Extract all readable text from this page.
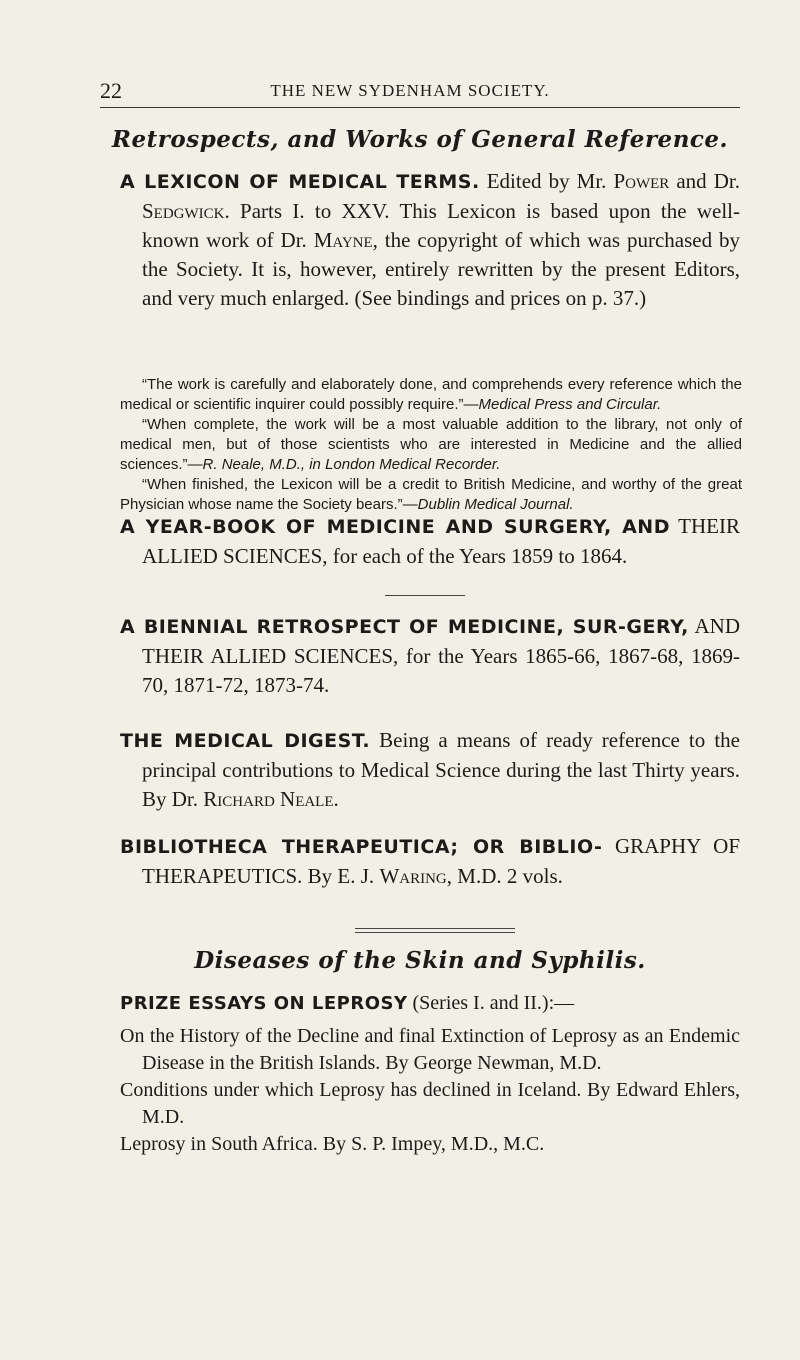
22	THE NEW SYDENHAM SOCIETY.
Retrospects, and Works of General Reference.

A LEXICON OF MEDICAL TERMS. Edited by Mr. Power and Dr. Sedgwick. Parts I. to XXV. This Lexicon is based upon the well-known work of Dr. Mayne, the copyright of which was purchased by the Society. It is, however, entirely rewritten by the present Editors, and very much enlarged. (See bindings and prices on p. 37.)

“The work is carefully and elaborately done, and comprehends every reference which the medical or scientific inquirer could possibly require.”—Medical Press and Circular.

“When complete, the work will be a most valuable addition to the library, not only of medical men, but of those scientists who are interested in Medicine and the allied sciences.”—R. Neale, M.D., in London Medical Recorder.

“When finished, the Lexicon will be a credit to British Medicine, and worthy of the great Physician whose name the Society bears.”—Dublin Medical Journal.

A YEAR-BOOK OF MEDICINE AND SURGERY, AND THEIR ALLIED SCIENCES, for each of the Years 1859 to 1864.

A BIENNIAL RETROSPECT OF MEDICINE, SUR-GERY, AND THEIR ALLIED SCIENCES, for the Years 1865-66, 1867-68, 1869-70, 1871-72, 1873-74.

THE MEDICAL DIGEST. Being a means of ready reference to the principal contributions to Medical Science during the last Thirty years. By Dr. Richard Neale.

BIBLIOTHECA THERAPEUTICA; OR BIBLIO- GRAPHY OF THERAPEUTICS. By E. J. Waring, M.D. 2 vols.

Diseases of the Skin and Syphilis.

PRIZE ESSAYS ON LEPROSY (Series I. and II.):—

On the History of the Decline and final Extinction of Leprosy as an Endemic Disease in the British Islands. By George Newman, M.D.

Conditions under which Leprosy has declined in Iceland. By Edward Ehlers, M.D.

Leprosy in South Africa. By S. P. Impey, M.D., M.C.
